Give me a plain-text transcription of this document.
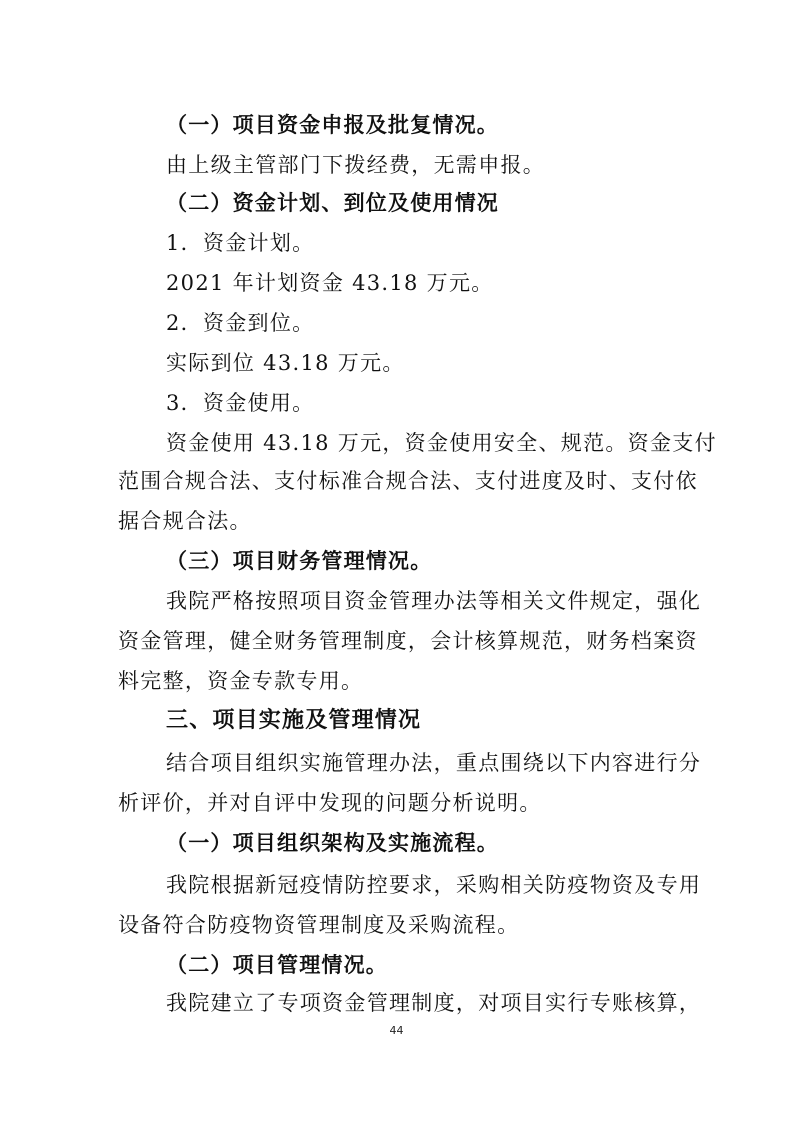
（一）项目资金申报及批复情况。
由上级主管部门下拨经费，无需申报。
（二）资金计划、到位及使用情况
1．资金计划。
2021 年计划资金 43.18 万元。
2．资金到位。
实际到位 43.18 万元。
3．资金使用。
资金使用 43.18 万元，资金使用安全、规范。资金支付
范围合规合法、支付标准合规合法、支付进度及时、支付依
据合规合法。
（三）项目财务管理情况。
我院严格按照项目资金管理办法等相关文件规定，强化
资金管理，健全财务管理制度，会计核算规范，财务档案资
料完整，资金专款专用。
三、项目实施及管理情况
结合项目组织实施管理办法，重点围绕以下内容进行分
析评价，并对自评中发现的问题分析说明。
（一）项目组织架构及实施流程。
我院根据新冠疫情防控要求，采购相关防疫物资及专用
设备符合防疫物资管理制度及采购流程。
（二）项目管理情况。
我院建立了专项资金管理制度，对项目实行专账核算，
44
